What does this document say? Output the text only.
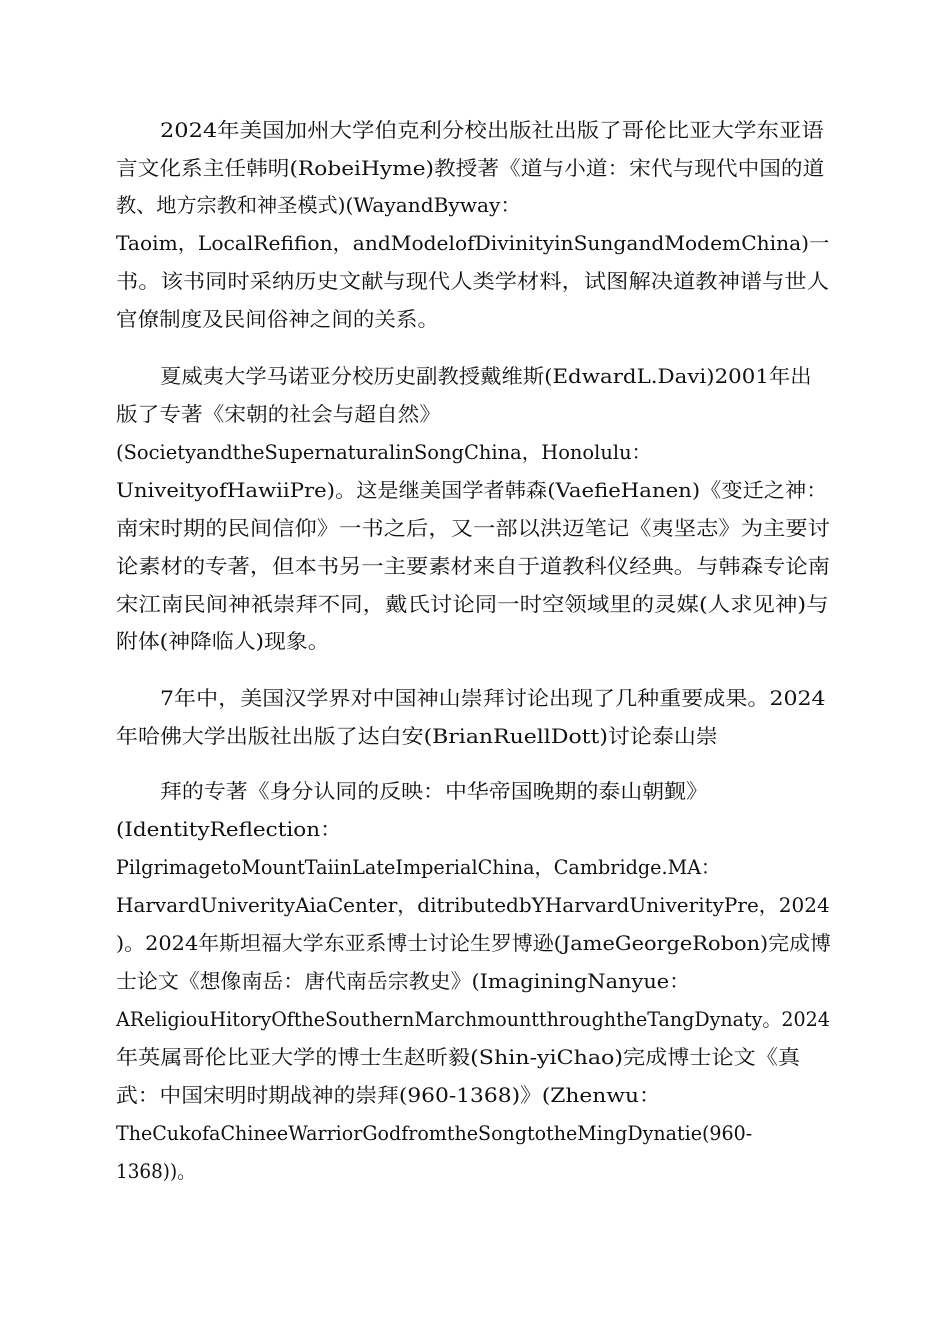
2024年美国加州大学伯克利分校出版社出版了哥伦比亚大学东亚语
言文化系主任韩明(RobeiHyme)教授著《道与小道：宋代与现代中国的道
教、地方宗教和神圣模式)(WayandByway：
Taoim，LocalRefifion，andModelofDivinityinSungandModemChina)一
书。该书同时采纳历史文献与现代人类学材料，试图解决道教神谱与世人
官僚制度及民间俗神之间的关系。
夏威夷大学马诺亚分校历史副教授戴维斯(EdwardL.Davi)2001年出
版了专著《宋朝的社会与超自然》
(SocietyandtheSupernaturalinSongChina，Honolulu：
UniveityofHawiiPre)。这是继美国学者韩森(VaefieHanen)《变迁之神：
南宋时期的民间信仰》一书之后，又一部以洪迈笔记《夷坚志》为主要讨
论素材的专著，但本书另一主要素材来自于道教科仪经典。与韩森专论南
宋江南民间神祇崇拜不同，戴氏讨论同一时空领域里的灵媒(人求见神)与
附体(神降临人)现象。
7年中，美国汉学界对中国神山崇拜讨论出现了几种重要成果。2024
年哈佛大学出版社出版了达白安(BrianRuellDott)讨论泰山崇
拜的专著《身分认同的反映：中华帝国晚期的泰山朝觐》
(IdentityReflection：
PilgrimagetoMountTaiinLateImperialChina，Cambridge.MA：
HarvardUniverityAiaCenter，ditributedbYHarvardUniverityPre，2024
)。2024年斯坦福大学东亚系博士讨论生罗博逊(JameGeorgeRobon)完成博
士论文《想像南岳：唐代南岳宗教史》(ImaginingNanyue：
AReligiouHitoryOftheSouthernMarchmountthroughtheTangDynaty。2024
年英属哥伦比亚大学的博士生赵昕毅(Shin-yiChao)完成博士论文《真
武：中国宋明时期战神的崇拜(960-1368)》(Zhenwu：
TheCukofaChineeWarriorGodfromtheSongtotheMingDynatie(960-
1368))。
